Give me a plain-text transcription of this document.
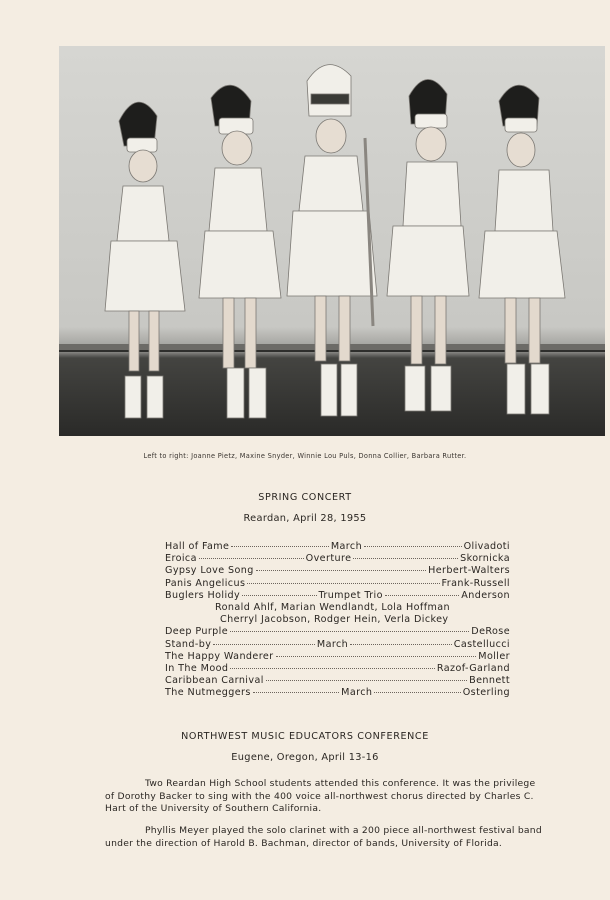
Left to right: Joanne Pietz, Maxine Snyder, Winnie Lou Puls, Donna Collier, Barbara Rutter.
SPRING CONCERT
Reardan, April 28, 1955
Hall of Fame	March	Olivadoti
Eroica	Overture	Skornicka
Gypsy Love Song	Herbert-Walters
Panis Angelicus	Frank-Russell
Buglers Holidy	Trumpet Trio	Anderson
Ronald Ahlf, Marian Wendlandt, Lola Hoffman
Cherryl Jacobson, Rodger Hein, Verla Dickey
Deep Purple	DeRose
Stand-by	March	Castellucci
The Happy Wanderer	Moller
In The Mood	Razof-Garland
Caribbean Carnival	Bennett
The Nutmeggers	March	Osterling
NORTHWEST MUSIC EDUCATORS CONFERENCE
Eugene, Oregon, April 13-16
Two Reardan High School students attended this conference. It was the privilege of Dorothy Backer to sing with the 400 voice all-northwest chorus directed by Charles C. Hart of the University of Southern California.
Phyllis Meyer played the solo clarinet with a 200 piece all-northwest festival band under the direction of Harold B. Bachman, director of bands, University of Florida.
